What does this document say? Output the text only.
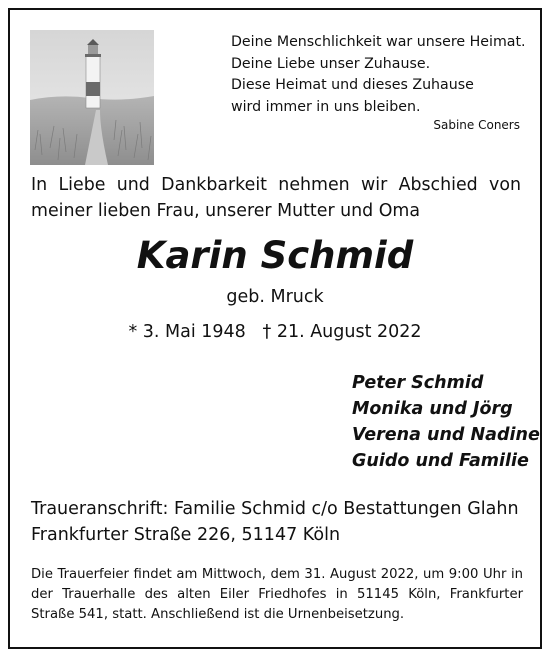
Deine Menschlichkeit war unsere Heimat.
Deine Liebe unser Zuhause.
Diese Heimat und dieses Zuhause
wird immer in uns bleiben.
Sabine Coners
In Liebe und Dankbarkeit nehmen wir Abschied von meiner lieben Frau, unserer Mutter und Oma
Karin Schmid
geb. Mruck
* 3. Mai 1948 † 21. August 2022
Peter Schmid
Monika und Jörg
Verena und Nadine
Guido und Familie
Traueranschrift: Familie Schmid c/o Bestattungen Glahn
Frankfurter Straße 226, 51147 Köln
Die Trauerfeier findet am Mittwoch, dem 31. August 2022, um 9:00 Uhr in der Trauerhalle des alten Eiler Friedhofes in 51145 Köln, Frankfurter Straße 541, statt. Anschließend ist die Urnenbeisetzung.
